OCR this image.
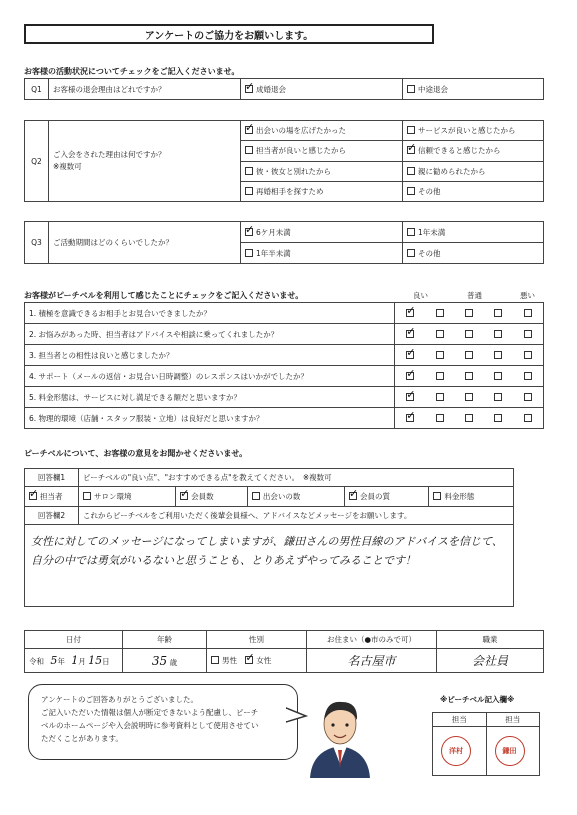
アンケートのご協力をお願いします。
お客様の活動状況についてチェックをご記入くださいませ。
Q1	お客様の退会理由はどれですか？	✓成婚退会	中途退会
Q2	ご入会をされた理由は何ですか？
※複数可
	✓出会いの場を広げたかった	サービスが良いと感じたから
		担当者が良いと感じたから	✓信頼できると感じたから
		彼・彼女と別れたから	親に勧められたから
		再婚相手を探すため	その他
Q3	ご活動期間はどのくらいでしたか？	✓6ケ月未満	1年未満
		1年半未満	その他
お客様がピーチベルを利用して感じたことにチェックをご記入くださいませ。	良い	普通	悪い
1. 積極を意識できるお相手とお見合いできましたか？	✓				
2. お悩みがあった時、担当者はアドバイスや相談に乗ってくれましたか？	✓				
3. 担当者との相性は良いと感じましたか？	✓				
4. サポート（メールの返信・お見合い日時調整）のレスポンスはいかがでしたか？	✓				
5. 料金形態は、サービスに対し満足できる額だと思いますか？	✓				
6. 物理的環境（店舗・スタッフ服装・立地）は良好だと思いますか？	✓				
ピーチベルについて、お客様の意見をお聞かせくださいませ。
回答欄1	ピーチベルの"良い点"、"おすすめできる点"を教えてください。　※複数可				
✓担当者	サロン環境	✓会員数	出会いの数	✓会員の質	料金形態
回答欄2	これからピーチベルをご利用いただく後輩会員様へ、アドバイスなどメッセージをお願いします。				

女性に対してのメッセージになってしまいますが、鎌田さんの男性目線のアドバイスを信じて、
自分の中では勇気がいるないと思うことも、とりあえずやってみることです！					
日付	年齢	性別	お住まい（●市のみで可）	職業
令和 5年 1月 15日	35 歳	男性 ✓ 女性	名古屋市	会社員
アンケートのご回答ありがとうございました。
ご記入いただいた情報は個人が断定できないよう配慮し、ピーチ
ベルのホームページや入会説明時に参考資料として使用させてい
ただくことがあります。
※ピーチベル記入欄※
担当	担当

洋村	鎌田
